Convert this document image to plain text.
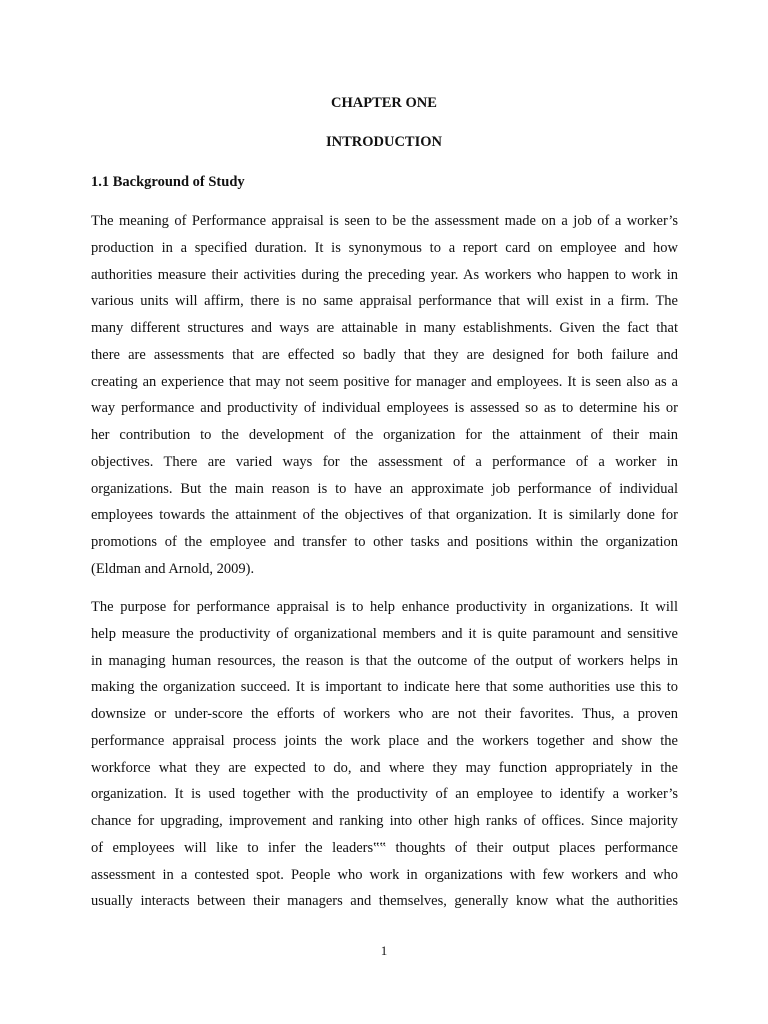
CHAPTER ONE
INTRODUCTION
1.1 Background of Study

The meaning of Performance appraisal is seen to be the assessment made on a job of a worker’s
production in a specified duration. It is synonymous to a report card on employee and how
authorities measure their activities during the preceding year. As workers who happen to work in
various units will affirm, there is no same appraisal performance that will exist in a firm. The
many different structures and ways are attainable in many establishments. Given the fact that
there are assessments that are effected so badly that they are designed for both failure and
creating an experience that may not seem positive for manager and employees. It is seen also as a
way performance and productivity of individual employees is assessed so as to determine his or
her contribution to the development of the organization for the attainment of their main
objectives. There are varied ways for the assessment of a performance of a worker in
organizations. But the main reason is to have an approximate job performance of individual
employees towards the attainment of the objectives of that organization. It is similarly done for
promotions of the employee and transfer to other tasks and positions within the organization
(Eldman and Arnold, 2009).

The purpose for performance appraisal is to help enhance productivity in organizations. It will
help measure the productivity of organizational members and it is quite paramount and sensitive
in managing human resources, the reason is that the outcome of the output of workers helps in
making the organization succeed. It is important to indicate here that some authorities use this to
downsize or under-score the efforts of workers who are not their favorites. Thus, a proven
performance appraisal process joints the work place and the workers together and show the
workforce what they are expected to do, and where they may function appropriately in the
organization. It is used together with the productivity of an employee to identify a worker’s
chance for upgrading, improvement and ranking into other high ranks of offices. Since majority
of employees will like to infer the leaders‟‟ thoughts of their output places performance
assessment in a contested spot. People who work in organizations with few workers and who
usually interacts between their managers and themselves, generally know what the authorities

1
